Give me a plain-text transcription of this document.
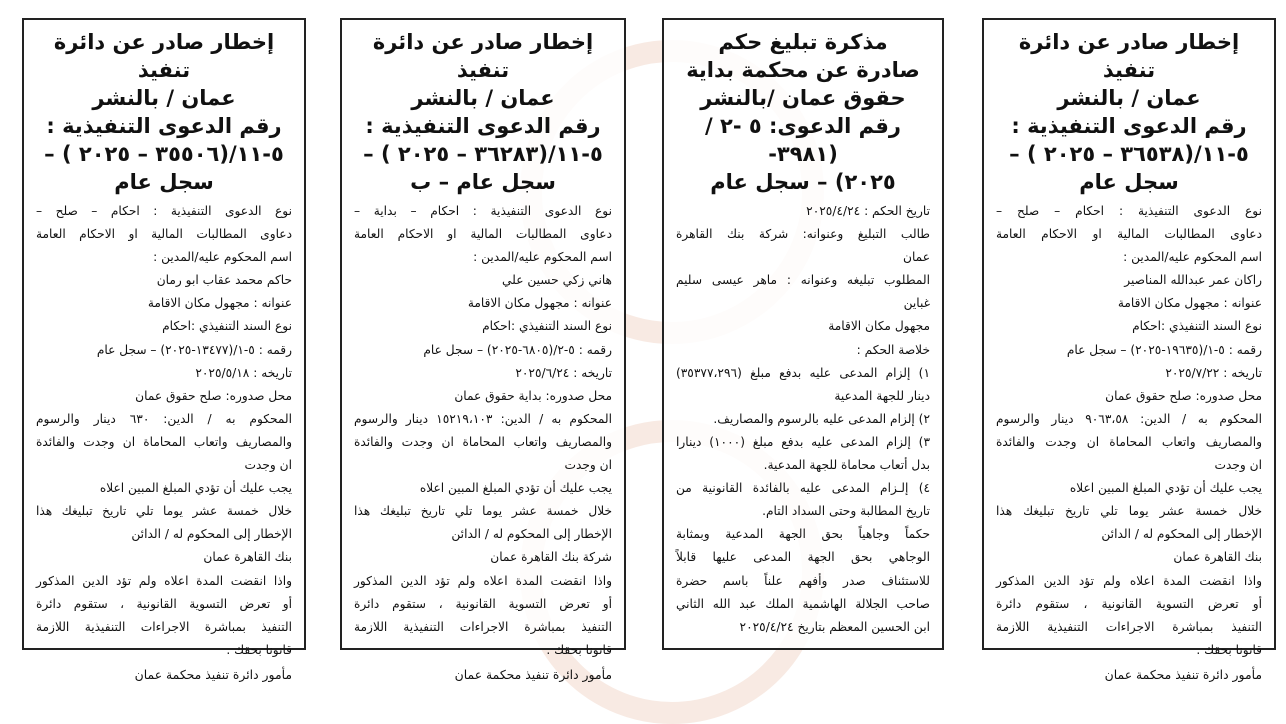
إخطار صادر عن دائرة تنفيذ
عمان / بالنشر
رقم الدعوى التنفيذية :
٥-١١/(٣٦٥٣٨ – ٢٠٢٥ ) –
سجل عام
نوع الدعوى التنفيذية : احكام – صلح –
دعاوى المطالبات المالية او الاحكام العامة
اسم المحكوم عليه/المدين :
راكان عمر عبدالله المناصير
عنوانه : مجهول مكان الاقامة
نوع السند التنفيذي :احكام
رقمه : ٥-١/(١٩٦٣٥-٢٠٢٥) – سجل عام
تاريخه : ٢٠٢٥/٧/٢٢
محل صدوره: صلح حقوق عمان
المحكوم به / الدين: ٩٠٦٣،٥٨ دينار والرسوم
والمصاريف واتعاب المحاماة ان وجدت والفائدة
ان وجدت
يجب عليك أن تؤدي المبلغ المبين اعلاه
خلال خمسة عشر يوما تلي تاريخ تبليغك هذا
الإخطار إلى المحكوم له / الدائن
بنك القاهرة عمان
واذا انقضت المدة اعلاه ولم تؤد الدين المذكور
أو تعرض التسوية القانونية ، ستقوم دائرة
التنفيذ بمباشرة الاجراءات التنفيذية اللازمة
قانونا بحقك .
مأمور دائرة تنفيذ محكمة عمان
مذكرة تبليغ حكم
صادرة عن محكمة بداية
حقوق عمان /بالنشر
رقم الدعوى: ٥ -٢ / (٣٩٨١-
٢٠٢٥) – سجل عام
تاريخ الحكم : ٢٠٢٥/٤/٢٤
طالب التبليغ وعنوانه: شركة بنك القاهرة
عمان
المطلوب تبليغه وعنوانه : ماهر عيسى سليم
غباين
مجهول مكان الاقامة
خلاصة الحكم :
١) إلزام المدعى عليه بدفع مبلغ (٣٥٣٧٧،٢٩٦)
دينار للجهة المدعية
٢) إلزام المدعى عليه بالرسوم والمصاريف.
٣) إلزام المدعى عليه بدفع مبلغ (١٠٠٠) دينارا
بدل أتعاب محاماة للجهة المدعية.
٤) إلـزام المدعى عليه بالفائدة القانونية من
تاريخ المطالبة وحتى السداد التام.
حكماً وجاهياً بحق الجهة المدعية وبمثابة
الوجاهي بحق الجهة المدعى عليها قابلاً
للاستئناف صدر وأفهم علناً باسم حضرة
صاحب الجلالة الهاشمية الملك عبد الله الثاني
ابن الحسين المعظم بتاريخ ٢٠٢٥/٤/٢٤
إخطار صادر عن دائرة تنفيذ
عمان / بالنشر
رقم الدعوى التنفيذية :
٥-١١/(٣٦٢٨٣ – ٢٠٢٥ ) –
سجل عام – ب
نوع الدعوى التنفيذية : احكام – بداية –
دعاوى المطالبات المالية او الاحكام العامة
اسم المحكوم عليه/المدين :
هاني زكي حسين علي
عنوانه : مجهول مكان الاقامة
نوع السند التنفيذي :احكام
رقمه : ٥-٢/(٦٨٠٥-٢٠٢٥) – سجل عام
تاريخه : ٢٠٢٥/٦/٢٤
محل صدوره: بداية حقوق عمان
المحكوم به / الدين: ١٥٢١٩،١٠٣ دينار والرسوم
والمصاريف واتعاب المحاماة ان وجدت والفائدة
ان وجدت
يجب عليك أن تؤدي المبلغ المبين اعلاه
خلال خمسة عشر يوما تلي تاريخ تبليغك هذا
الإخطار إلى المحكوم له / الدائن
شركة بنك القاهرة عمان
واذا انقضت المدة اعلاه ولم تؤد الدين المذكور
أو تعرض التسوية القانونية ، ستقوم دائرة
التنفيذ بمباشرة الاجراءات التنفيذية اللازمة
قانونا بحقك .
مأمور دائرة تنفيذ محكمة عمان
إخطار صادر عن دائرة تنفيذ
عمان / بالنشر
رقم الدعوى التنفيذية :
٥-١١/(٣٥٥٠٦ – ٢٠٢٥ ) –
سجل عام
نوع الدعوى التنفيذية : احكام – صلح –
دعاوى المطالبات المالية او الاحكام العامة
اسم المحكوم عليه/المدين :
حاكم محمد عقاب ابو رمان
عنوانه : مجهول مكان الاقامة
نوع السند التنفيذي :احكام
رقمه : ٥-١/(١٣٤٧٧-٢٠٢٥) – سجل عام
تاريخه : ٢٠٢٥/٥/١٨
محل صدوره: صلح حقوق عمان
المحكوم به / الدين: ٦٣٠ دينار والرسوم
والمصاريف واتعاب المحاماة ان وجدت والفائدة
ان وجدت
يجب عليك أن تؤدي المبلغ المبين اعلاه
خلال خمسة عشر يوما تلي تاريخ تبليغك هذا
الإخطار إلى المحكوم له / الدائن
بنك القاهرة عمان
واذا انقضت المدة اعلاه ولم تؤد الدين المذكور
أو تعرض التسوية القانونية ، ستقوم دائرة
التنفيذ بمباشرة الاجراءات التنفيذية اللازمة
قانونا بحقك .
مأمور دائرة تنفيذ محكمة عمان
